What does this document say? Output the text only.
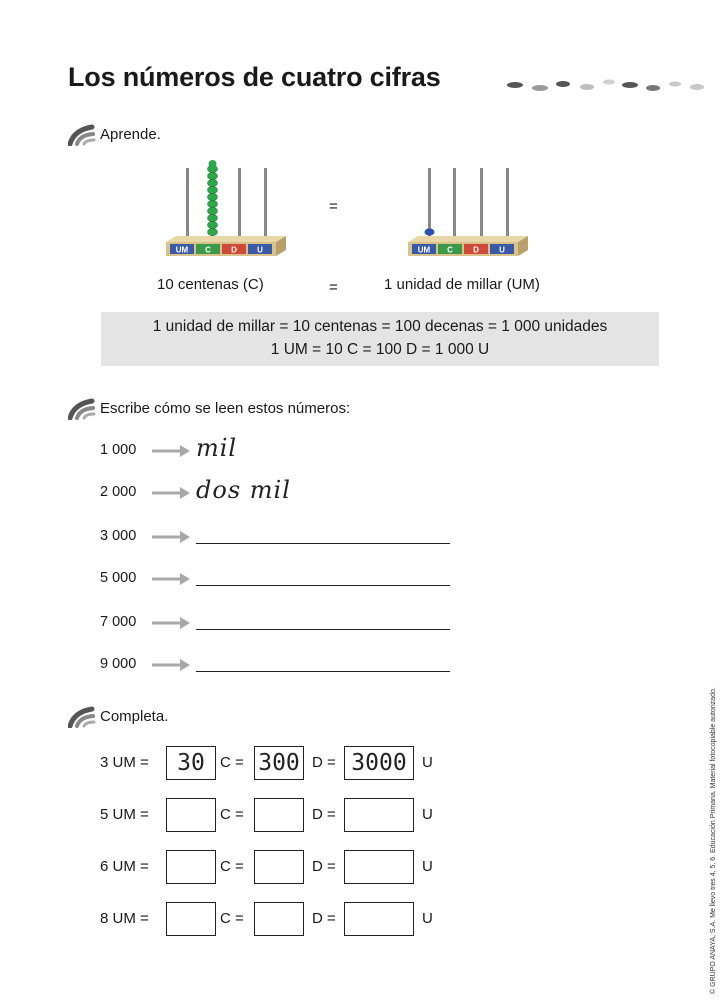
Los números de cuatro cifras
Aprende.
UM C	D	U
=
UM C	D	U
10 centenas (C)	=	1 unidad de millar (UM)
1 unidad de millar = 10 centenas = 100 decenas = 1 000 unidades
1 UM = 10 C = 100 D = 1 000 U
Escribe cómo se leen estos números:
1 000 mil
2 000 dos mil
3 000
5 000
7 000
9 000
Completa.
3 UM =	30	C = 300 D = 3000	U
5 UM =	C =	D =	U
6 UM =	C =	D =	U
8 UM =	C =	D =	U	© GRUPO ANAYA, S.A. Me llevo tres 4, 5, 6. Educación Primaria. Material fotocopiable autorizado.
